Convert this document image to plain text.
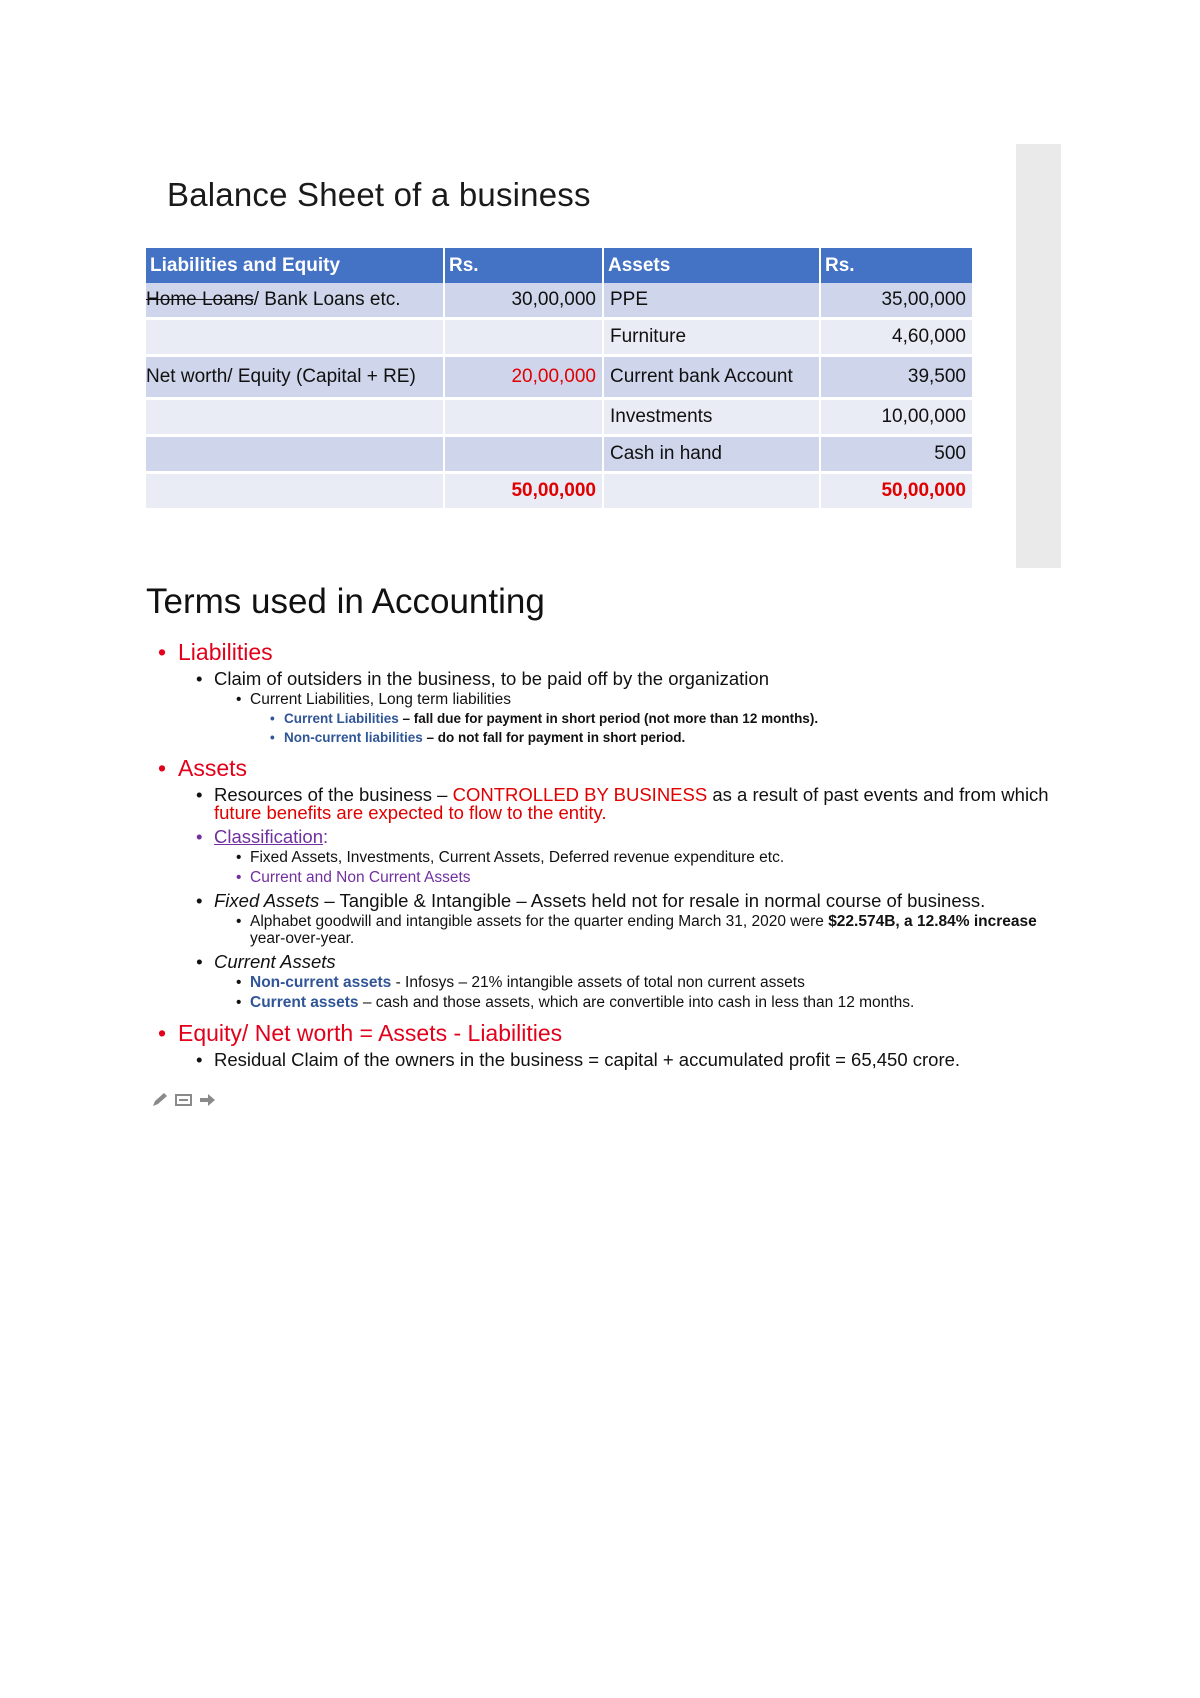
Balance Sheet of a business
Liabilities and Equity	Rs.	Assets	Rs.
Home Loans/ Bank Loans etc.	30,00,000	PPE	35,00,000
		Furniture	4,60,000
Net worth/ Equity (Capital + RE)	20,00,000	Current bank Account	39,500
		Investments	10,00,000
		Cash in hand	500
	50,00,000		50,00,000
Terms used in Accounting
• Liabilities
• Claim of outsiders in the business, to be paid off by the organization
• Current Liabilities, Long term liabilities
• Current Liabilities – fall due for payment in short period (not more than 12 months).
• Non-current liabilities – do not fall for payment in short period.
• Assets
• Resources of the business – CONTROLLED BY BUSINESS as a result of past events and from which future benefits are expected to flow to the entity.
• Classification:
• Fixed Assets, Investments, Current Assets, Deferred revenue expenditure etc.
• Current and Non Current Assets
• Fixed Assets – Tangible & Intangible – Assets held not for resale in normal course of business.
• Alphabet goodwill and intangible assets for the quarter ending March 31, 2020 were $22.574B, a 12.84% increase year-over-year.
• Current Assets
• Non-current assets - Infosys – 21% intangible assets of total non current assets
• Current assets – cash and those assets, which are convertible into cash in less than 12 months.
• Equity/ Net worth = Assets - Liabilities
• Residual Claim of the owners in the business = capital + accumulated profit = 65,450 crore.
